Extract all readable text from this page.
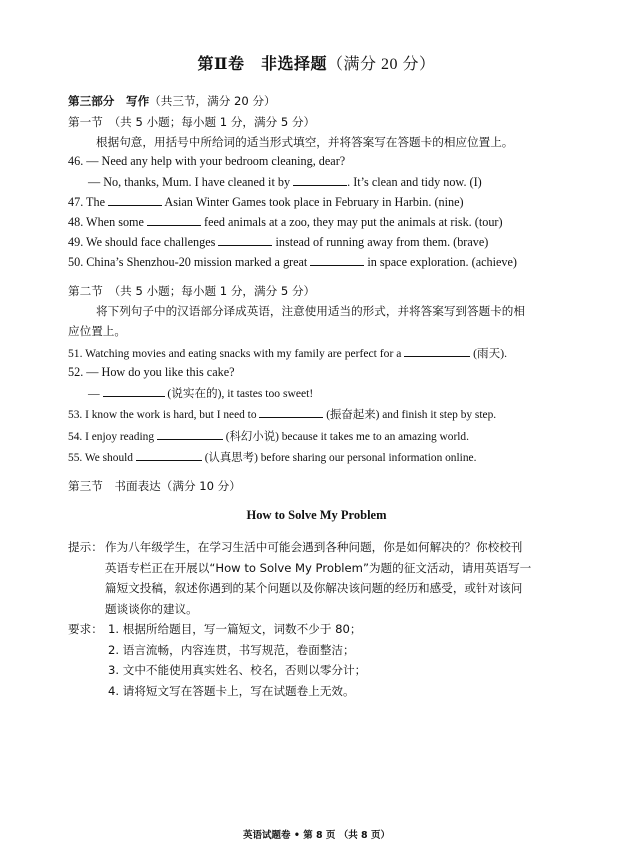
第Ⅱ卷　非选择题（满分 20 分）
第三部分　写作（共三节，满分 20 分）
第一节　（共 5 小题；每小题 1 分，满分 5 分）
根据句意，用括号中所给词的适当形式填空，并将答案写在答题卡的相应位置上。
46. — Need any help with your bedroom cleaning, dear?
— No, thanks, Mum. I have cleaned it by	. It’s clean and tidy now. (I)
47. The	Asian Winter Games took place in February in Harbin. (nine)
48. When some	feed animals at a zoo, they may put the animals at risk. (tour)
49. We should face challenges	instead of running away from them. (brave)
50. China’s Shenzhou-20 mission marked a great	in space exploration. (achieve)
第二节　（共 5 小题；每小题 1 分，满分 5 分）
将下列句子中的汉语部分译成英语，注意使用适当的形式，并将答案写到答题卡的相
应位置上。
51. Watching movies and eating snacks with my family are perfect for a	(雨天).
52. — How do you like this cake?
—	(说实在的), it tastes too sweet!
53. I know the work is hard, but I need to	(振奋起来) and finish it step by step.
54. I enjoy reading	(科幻小说) because it takes me to an amazing world.
55. We should	(认真思考) before sharing our personal information online.
第三节　书面表达（满分 10 分）
How to Solve My Problem
提示： 作为八年级学生，在学习生活中可能会遇到各种问题，你是如何解决的？你校校刊
英语专栏正在开展以“How to Solve My Problem”为题的征文活动，请用英语写一
篇短文投稿，叙述你遇到的某个问题以及你解决该问题的经历和感受，或针对该问
题谈谈你的建议。
要求： 1. 根据所给题目，写一篇短文，词数不少于 80；
2. 语言流畅，内容连贯，书写规范，卷面整洁；
3. 文中不能使用真实姓名、校名，否则以零分计；
4. 请将短文写在答题卡上，写在试题卷上无效。
英语试题卷 • 第 8 页 （共 8 页）
